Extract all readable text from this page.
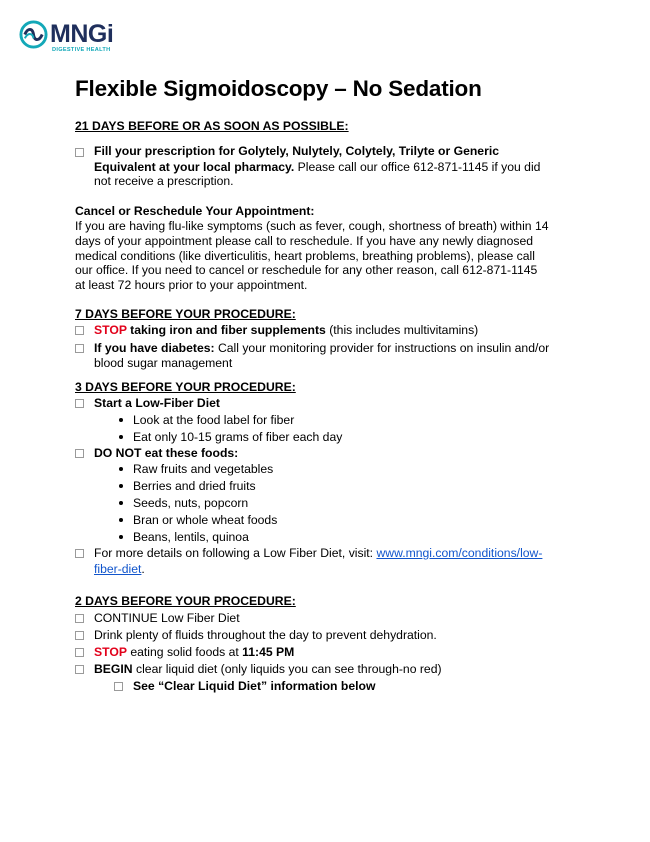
MNGi
DIGESTIVE HEALTH
Flexible Sigmoidoscopy – No Sedation
21 DAYS BEFORE OR AS SOON AS POSSIBLE:
Fill your prescription for Golytely, Nulytely, Colytely, Trilyte or Generic
Equivalent at your local pharmacy. Please call our office 612-871-1145 if you did
not receive a prescription.
Cancel or Reschedule Your Appointment:
If you are having flu-like symptoms (such as fever, cough, shortness of breath) within 14
days of your appointment please call to reschedule. If you have any newly diagnosed
medical conditions (like diverticulitis, heart problems, breathing problems), please call
our office. If you need to cancel or reschedule for any other reason, call 612-871-1145
at least 72 hours prior to your appointment.
7 DAYS BEFORE YOUR PROCEDURE:
STOP taking iron and fiber supplements (this includes multivitamins)
If you have diabetes: Call your monitoring provider for instructions on insulin and/or
blood sugar management
3 DAYS BEFORE YOUR PROCEDURE:
Start a Low-Fiber Diet
Look at the food label for fiber
Eat only 10-15 grams of fiber each day
DO NOT eat these foods:
Raw fruits and vegetables
Berries and dried fruits
Seeds, nuts, popcorn
Bran or whole wheat foods
Beans, lentils, quinoa
For more details on following a Low Fiber Diet, visit: www.mngi.com/conditions/low-
fiber-diet.
2 DAYS BEFORE YOUR PROCEDURE:
CONTINUE Low Fiber Diet
Drink plenty of fluids throughout the day to prevent dehydration.
STOP eating solid foods at 11:45 PM
BEGIN clear liquid diet (only liquids you can see through-no red)
See “Clear Liquid Diet” information below
